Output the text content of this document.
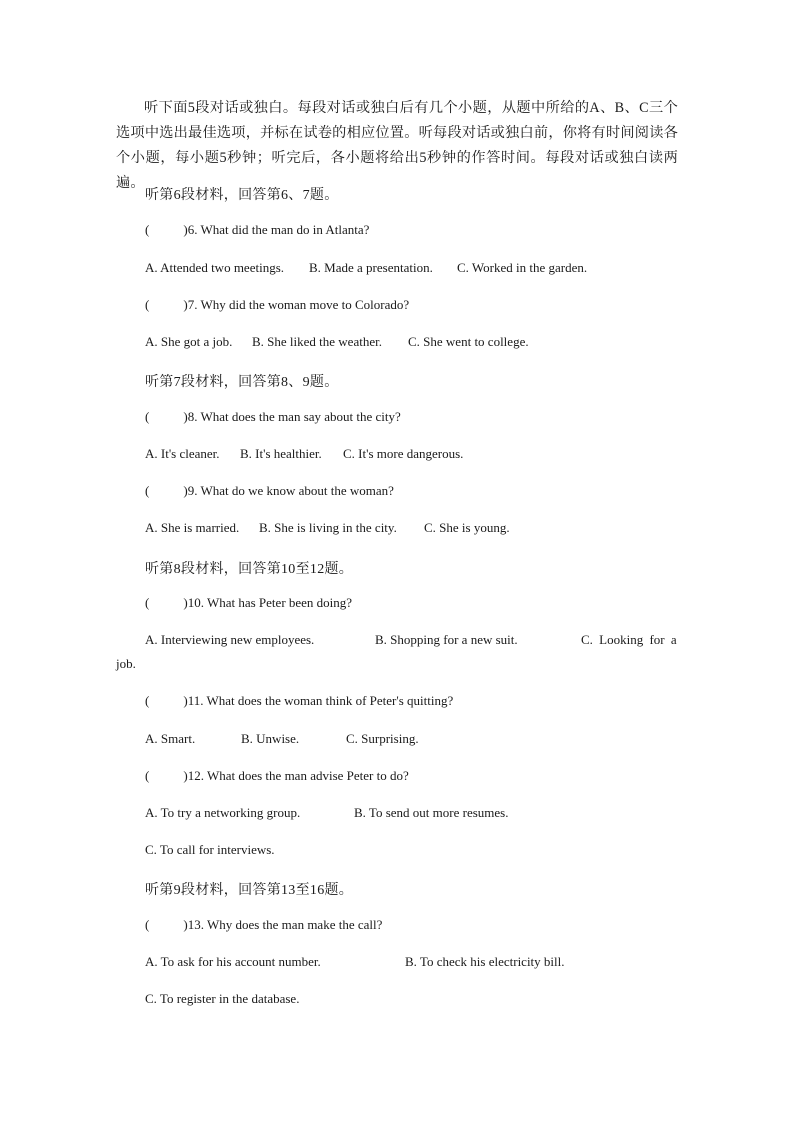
听下面5段对话或独白。每段对话或独白后有几个小题，从题中所给的A、B、C三个选项中选出最佳选项，并标在试卷的相应位置。听每段对话或独白前，你将有时间阅读各个小题，每小题5秒钟；听完后，各小题将给出5秒钟的作答时间。每段对话或独白读两遍。
听第6段材料，回答第6、7题。
(	)6. What did the man do in Atlanta?
A. Attended two meetings. B. Made a presentation. C. Worked in the garden.
(	)7. Why did the woman move to Colorado?
A. She got a job. B. She liked the weather. C. She went to college.
听第7段材料，回答第8、9题。
(	)8. What does the man say about the city?
A. It's cleaner. B. It's healthier. C. It's more dangerous.
(	)9. What do we know about the woman?
A. She is married. B. She is living in the city. C. She is young.
听第8段材料，回答第10至12题。
(	)10. What has Peter been doing?
A. Interviewing new employees.	B. Shopping for a new suit.	C. Looking for a
job.
(	)11. What does the woman think of Peter's quitting?
A. Smart.	B. Unwise.	C. Surprising.
(	)12. What does the man advise Peter to do?
A. To try a networking group.	B. To send out more resumes.
C. To call for interviews.
听第9段材料，回答第13至16题。
(	)13. Why does the man make the call?
A. To ask for his account number.	B. To check his electricity bill.
C. To register in the database.
